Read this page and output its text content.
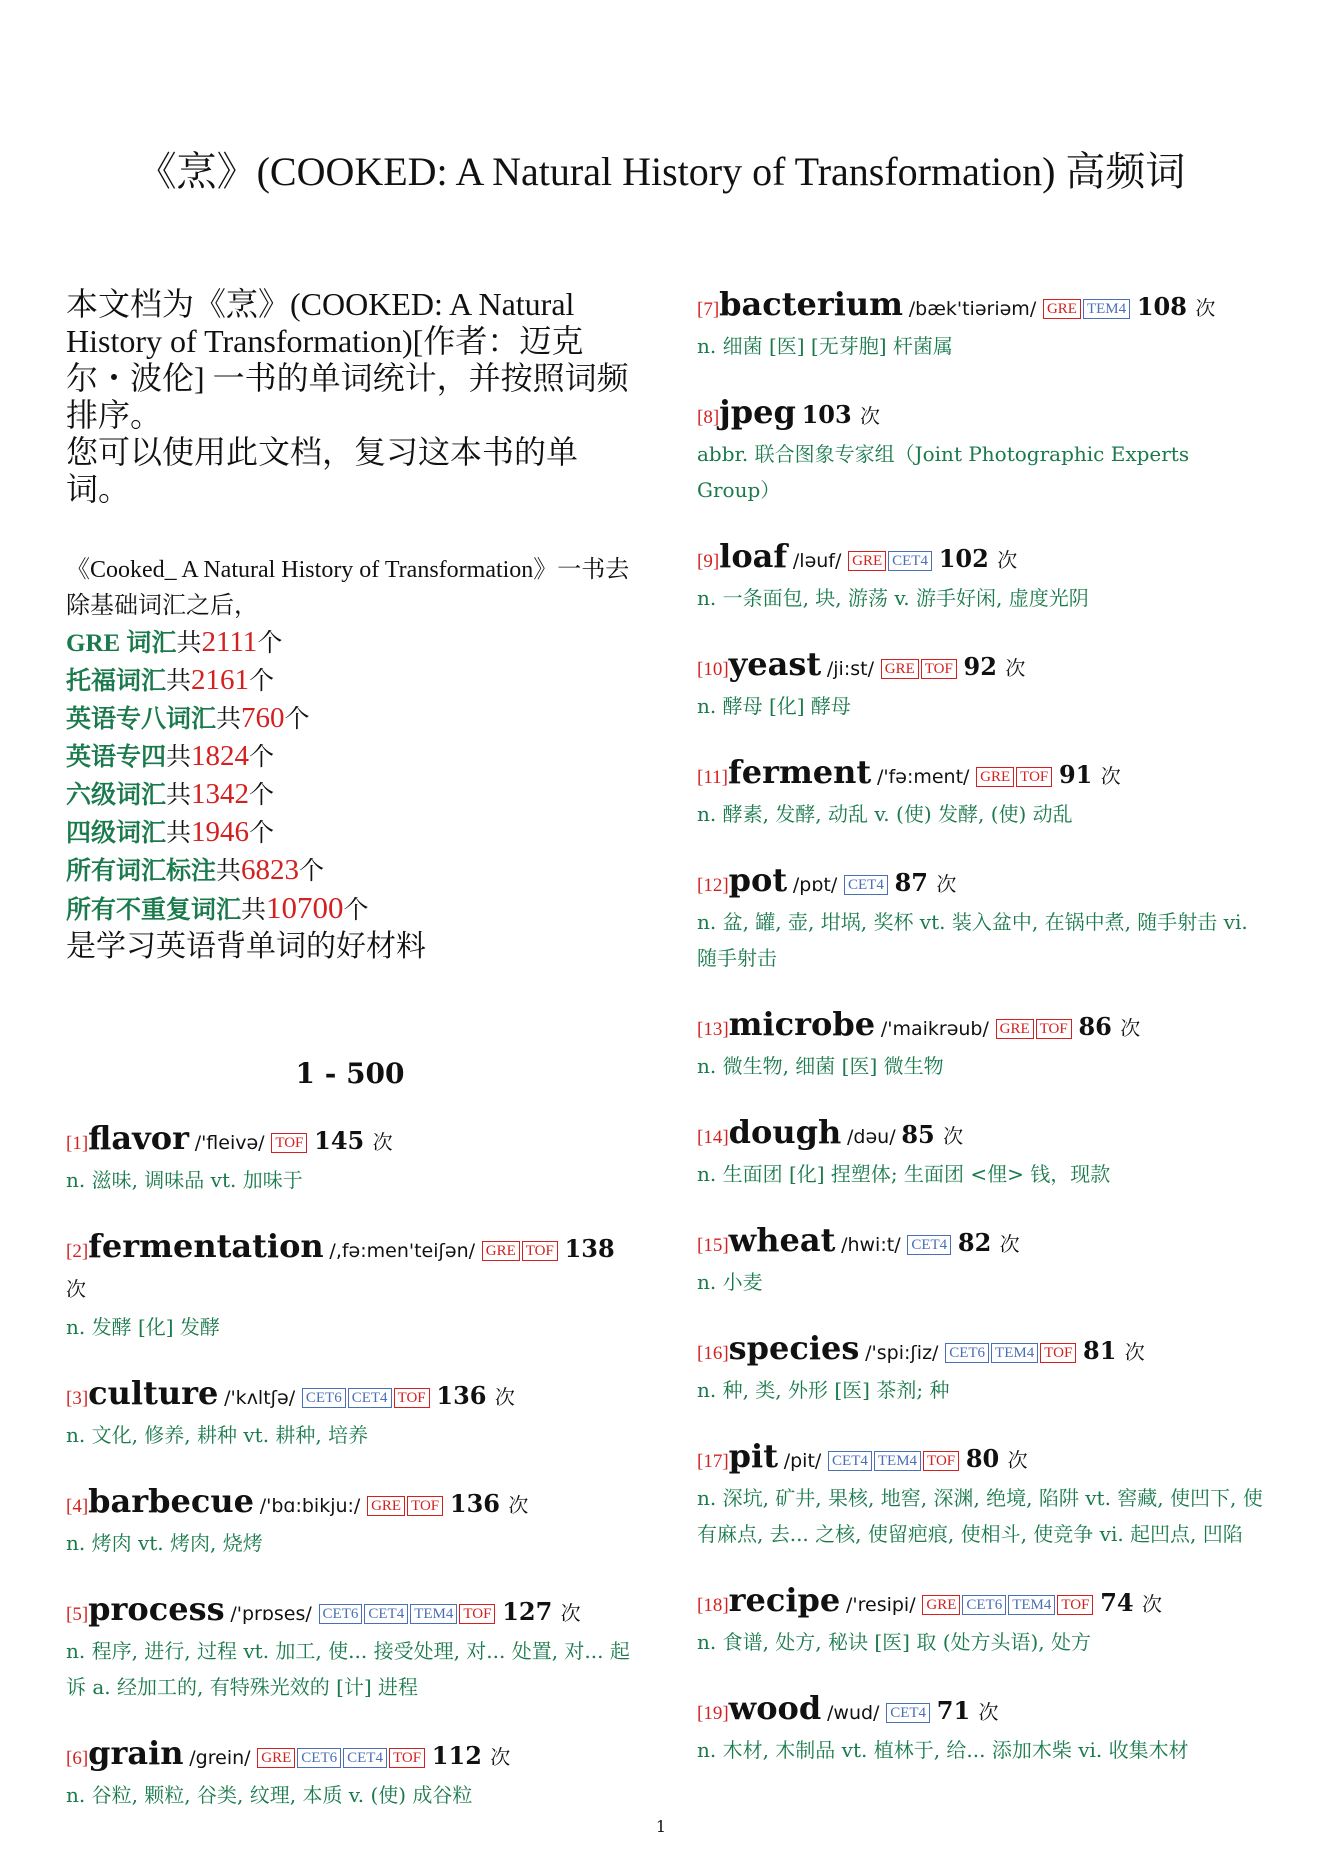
《烹》(COOKED: A Natural History of Transformation) 高频词

本文档为《烹》(COOKED: A Natural History of Transformation)[作者：迈克尔・波伦] 一书的单词统计，并按照词频排序。

您可以使用此文档，复习这本书的单词。

《Cooked_ A Natural History of Transformation》一书去除基础词汇之后，
GRE 词汇共2111个
托福词汇共2161个
英语专八词汇共760个
英语专四共1824个
六级词汇共1342个
四级词汇共1946个
所有词汇标注共6823个
所有不重复词汇共10700个
是学习英语背单词的好材料
1 - 500
[1]flavor /'fleivə/ TOF 145 次
n. 滋味, 调味品 vt. 加味于
[2]fermentation /,fə:men'teiʃən/ GRE TOF 138 次
n. 发酵 [化] 发酵
[3]culture /'kʌltʃə/ CET6 CET4 TOF 136 次
n. 文化, 修养, 耕种 vt. 耕种, 培养
[4]barbecue /'bɑ:bikju:/ GRE TOF 136 次
n. 烤肉 vt. 烤肉, 烧烤
[5]process /'prɒses/ CET6 CET4 TEM4 TOF 127 次
n. 程序, 进行, 过程 vt. 加工, 使... 接受处理, 对... 处置, 对... 起诉 a. 经加工的, 有特殊光效的 [计] 进程
[6]grain /grein/ GRE CET6 CET4 TOF 112 次
n. 谷粒, 颗粒, 谷类, 纹理, 本质 v. (使) 成谷粒
[7]bacterium /bæk'tiəriəm/ GRE TEM4 108 次
n. 细菌 [医] [无芽胞] 杆菌属
[8]jpeg 103 次
abbr. 联合图象专家组（Joint Photographic Experts Group）
[9]loaf /ləuf/ GRE CET4 102 次
n. 一条面包, 块, 游荡 v. 游手好闲, 虚度光阴
[10]yeast /ji:st/ GRE TOF 92 次
n. 酵母 [化] 酵母
[11]ferment /'fə:ment/ GRE TOF 91 次
n. 酵素, 发酵, 动乱 v. (使) 发酵, (使) 动乱
[12]pot /pɒt/ CET4 87 次
n. 盆, 罐, 壶, 坩埚, 奖杯 vt. 装入盆中, 在锅中煮, 随手射击 vi. 随手射击
[13]microbe /'maikrəub/ GRE TOF 86 次
n. 微生物, 细菌 [医] 微生物
[14]dough /dəu/ 85 次
n. 生面团 [化] 捏塑体; 生面团 <俚> 钱，现款
[15]wheat /hwi:t/ CET4 82 次
n. 小麦
[16]species /'spi:ʃiz/ CET6 TEM4 TOF 81 次
n. 种, 类, 外形 [医] 茶剂; 种
[17]pit /pit/ CET4 TEM4 TOF 80 次
n. 深坑, 矿井, 果核, 地窖, 深渊, 绝境, 陷阱 vt. 窖藏, 使凹下, 使有麻点, 去... 之核, 使留疤痕, 使相斗, 使竞争 vi. 起凹点, 凹陷
[18]recipe /'resipi/ GRE CET6 TEM4 TOF 74 次
n. 食谱, 处方, 秘诀 [医] 取 (处方头语), 处方
[19]wood /wud/ CET4 71 次
n. 木材, 木制品 vt. 植林于, 给... 添加木柴 vi. 收集木材
1
